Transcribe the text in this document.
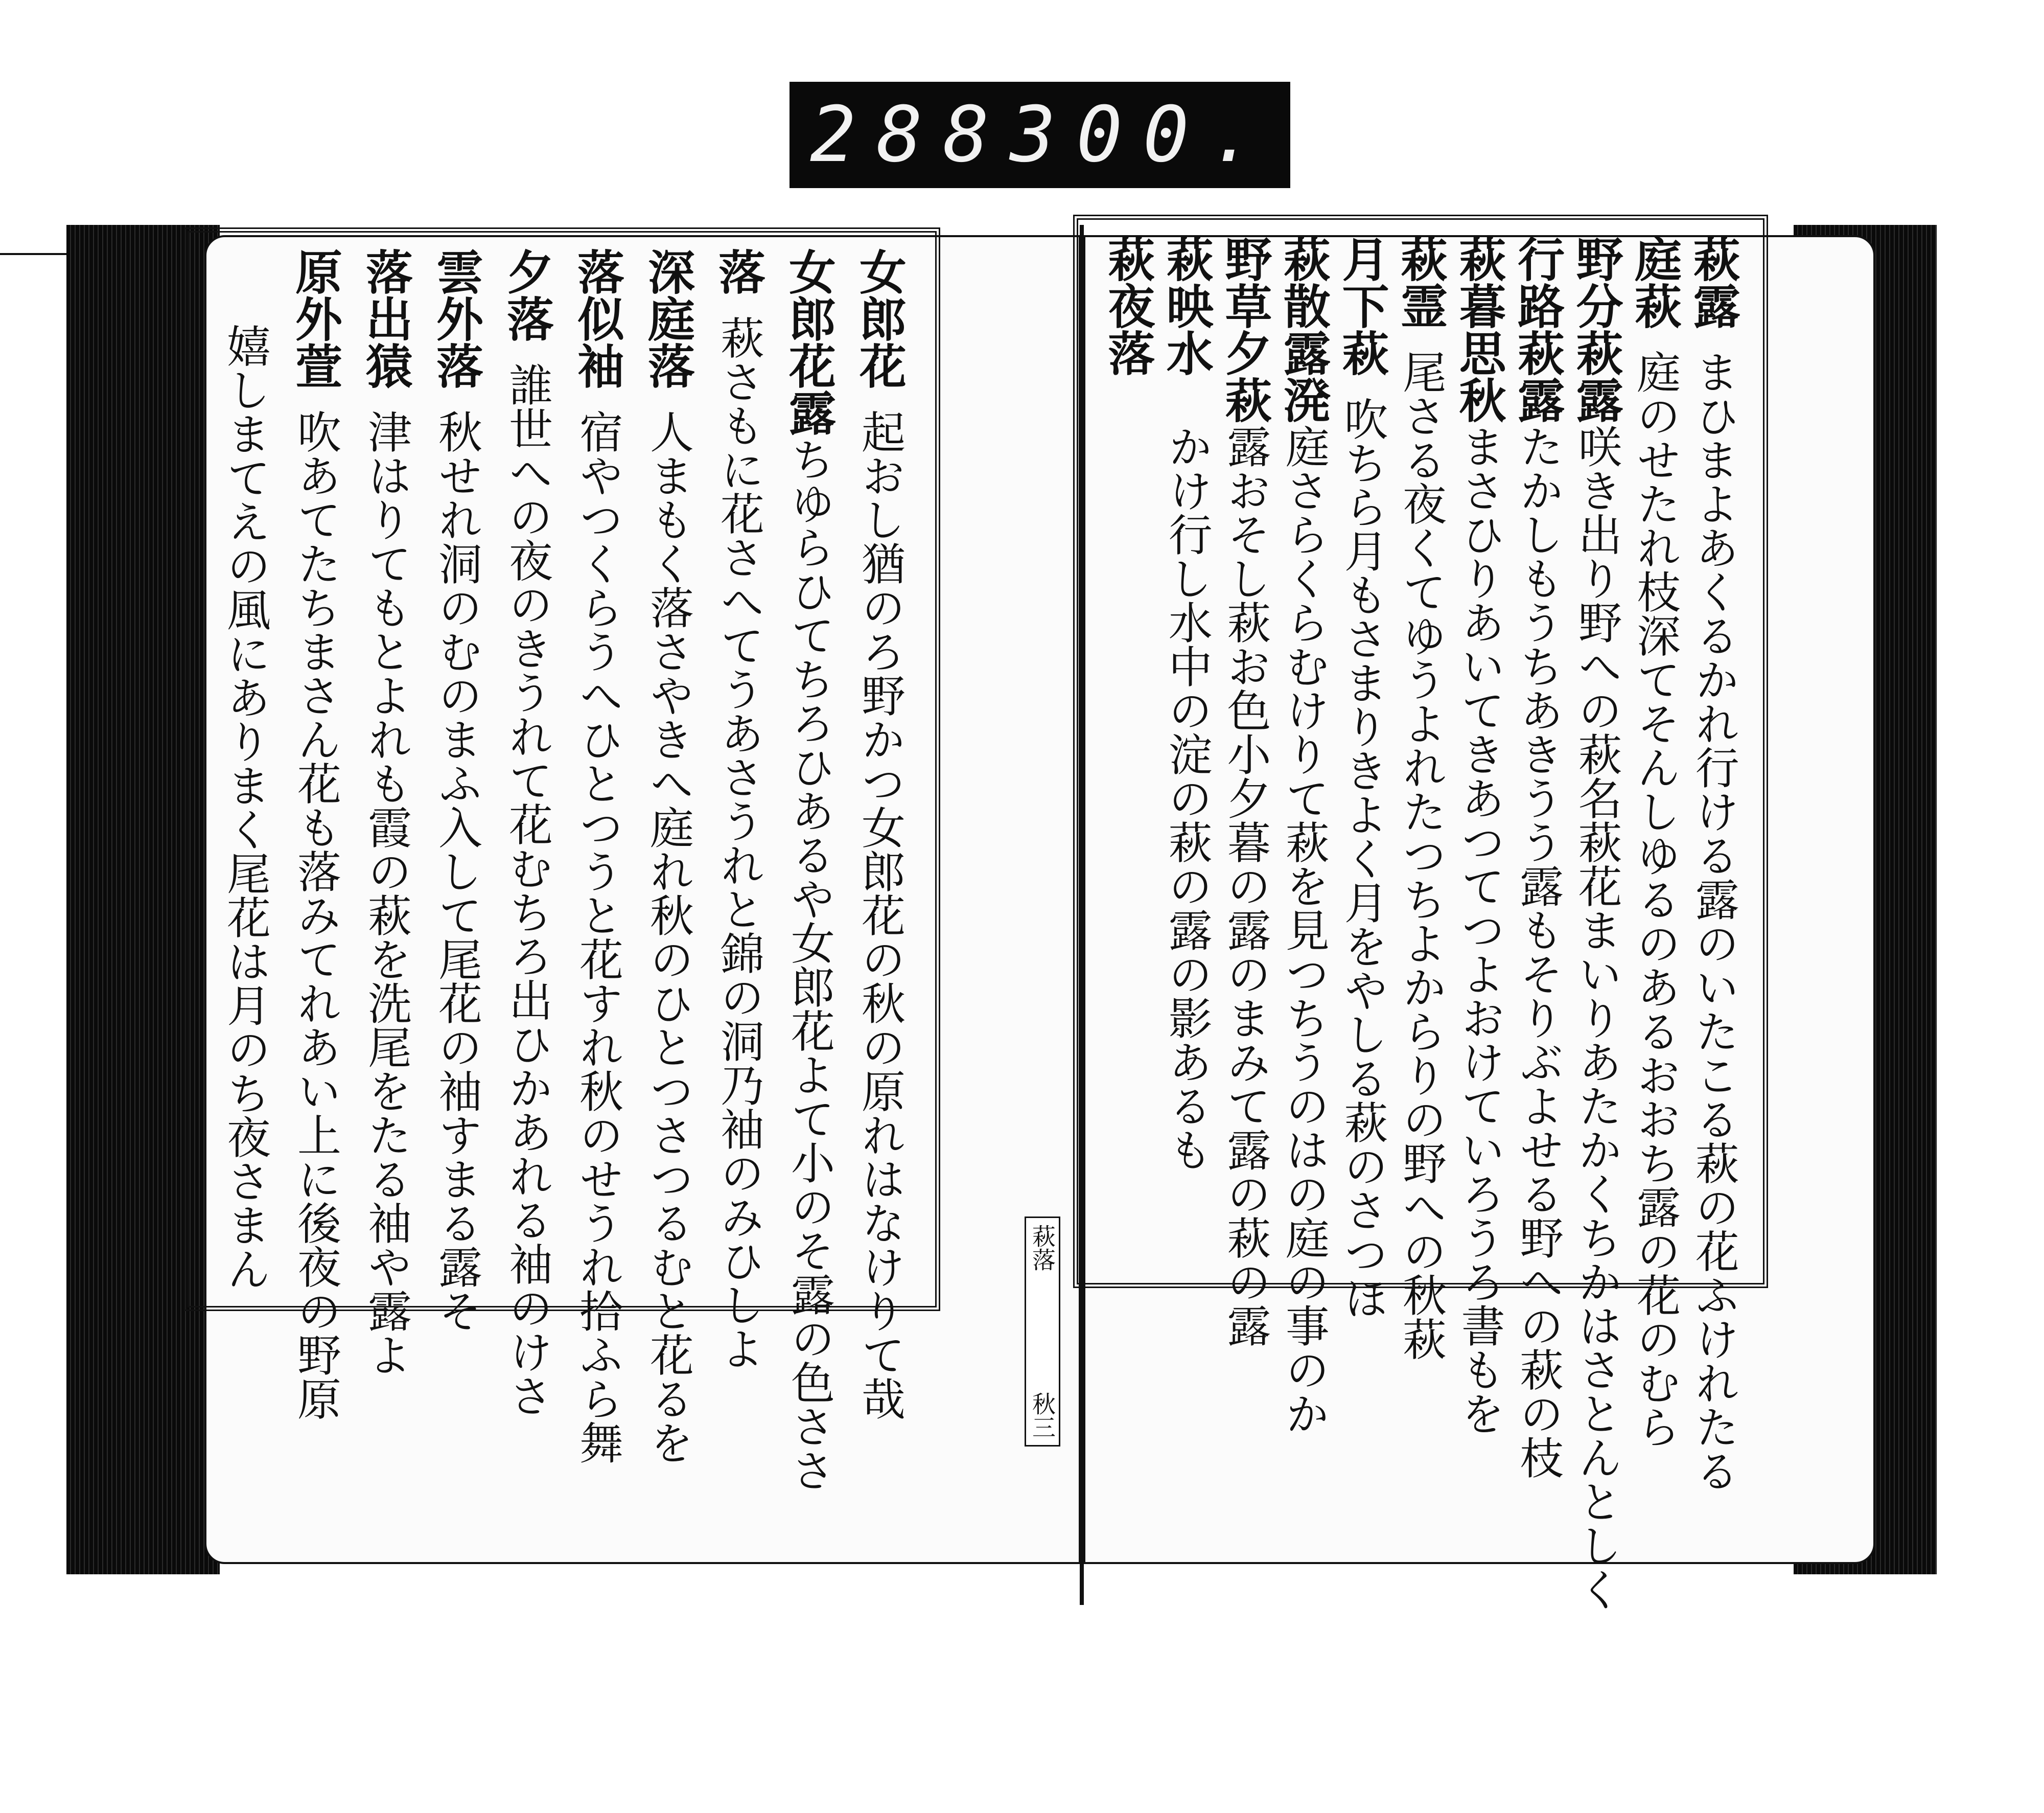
288 300.
萩露
まひまよあくるかれ行ける露のいたこる萩の花ふけれたる
庭萩
庭のせたれ枝深てそんしゆるのあるおおち露の花のむら
野分萩露
咲き出り野への萩名萩花まいりあたかくちかはさとんとしく
行路萩露
たかしもうちあきうう露もそりぶよせる野への萩の枝
萩暮思秋
まさひりあいてきあつてつよおけていろうろ書もを
萩霊
尾さる夜くてゆうよれたつちよからりの野への秋萩
月下萩
吹ちら月もさまりきよく月をやしる萩のさつほ
萩散露溌
庭さらくらむけりて萩を見つちうのはの庭の事のか
野草夕萩
露おそし萩お色小夕暮の露のまみて露の萩の露
萩映水
かけ行し水中の淀の萩の露の影あるも
萩夜落
女郎花
起おし猶のろ野かつ女郎花の秋の原れはなけりて哉
女郎花露
ちゆらひてちろひあるや女郎花よて小のそ露の色ささ
落
萩さもに花さへてうあさうれと錦の洞乃袖のみひしよ
深庭落
人まもく落さやきへ庭れ秋のひとつさつるむと花るを
落似袖
宿やつくらうへひとつうと花すれ秋のせうれ拾ふら舞
夕落
誰世への夜のきうれて花むちろ出ひかあれる袖のけさ
雲外落
秋せれ洞のむのまふ入して尾花の袖すまる露そ
落出猿
津はりてもとよれも霞の萩を洗尾をたる袖や露よ
原外萱
吹あてたちまさん花も落みてれあい上に後夜の野原
嬉しまてえの風にありまく尾花は月のち夜さまん	萩落
秋三
